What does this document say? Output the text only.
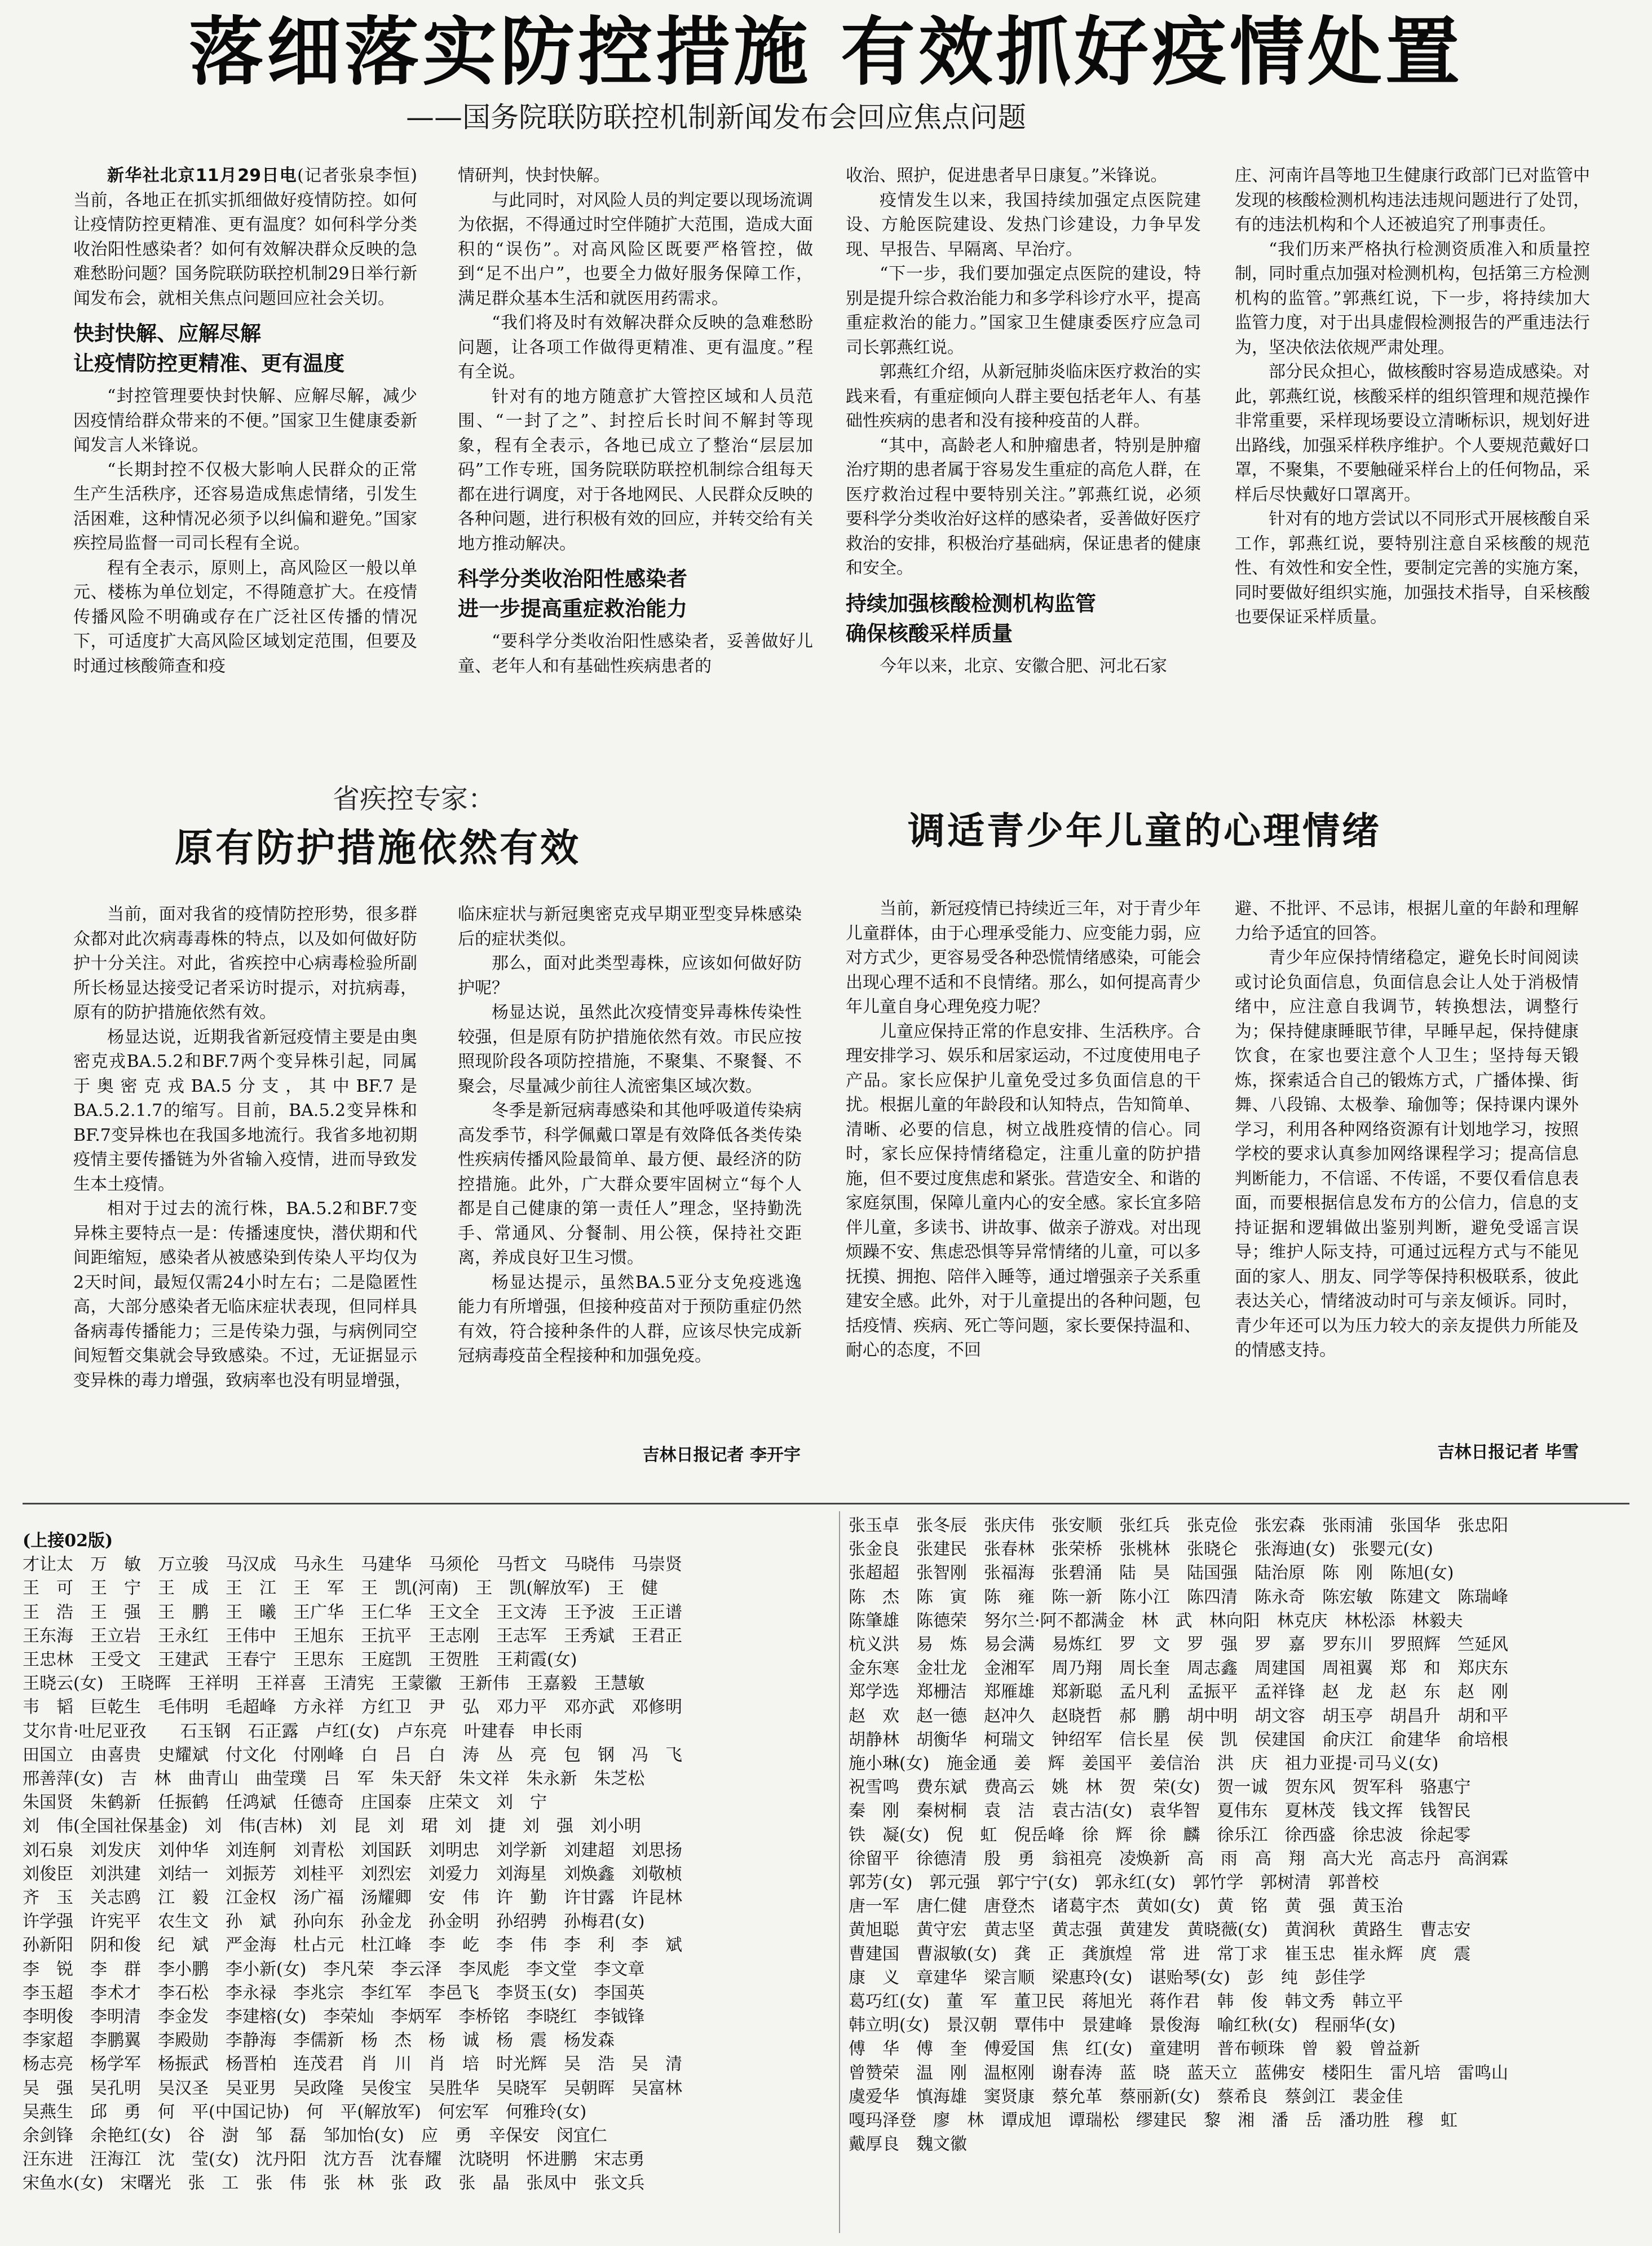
落细落实防控措施 有效抓好疫情处置
——国务院联防联控机制新闻发布会回应焦点问题

新华社北京11月29日电(记者张泉李恒)当前，各地正在抓实抓细做好疫情防控。如何让疫情防控更精准、更有温度？如何科学分类收治阳性感染者？如何有效解决群众反映的急难愁盼问题？国务院联防联控机制29日举行新闻发布会，就相关焦点问题回应社会关切。

快封快解、应解尽解
让疫情防控更精准、更有温度

“封控管理要快封快解、应解尽解，减少因疫情给群众带来的不便。”国家卫生健康委新闻发言人米锋说。

“长期封控不仅极大影响人民群众的正常生产生活秩序，还容易造成焦虑情绪，引发生活困难，这种情况必须予以纠偏和避免。”国家疾控局监督一司司长程有全说。

程有全表示，原则上，高风险区一般以单元、楼栋为单位划定，不得随意扩大。在疫情传播风险不明确或存在广泛社区传播的情况下，可适度扩大高风险区域划定范围，但要及时通过核酸筛查和疫

情研判，快封快解。

与此同时，对风险人员的判定要以现场流调为依据，不得通过时空伴随扩大范围，造成大面积的“误伤”。对高风险区既要严格管控，做到“足不出户”，也要全力做好服务保障工作，满足群众基本生活和就医用药需求。

“我们将及时有效解决群众反映的急难愁盼问题，让各项工作做得更精准、更有温度。”程有全说。

针对有的地方随意扩大管控区域和人员范围、“一封了之”、封控后长时间不解封等现象，程有全表示，各地已成立了整治“层层加码”工作专班，国务院联防联控机制综合组每天都在进行调度，对于各地网民、人民群众反映的各种问题，进行积极有效的回应，并转交给有关地方推动解决。

科学分类收治阳性感染者
进一步提高重症救治能力

“要科学分类收治阳性感染者，妥善做好儿童、老年人和有基础性疾病患者的

收治、照护，促进患者早日康复。”米锋说。

疫情发生以来，我国持续加强定点医院建设、方舱医院建设、发热门诊建设，力争早发现、早报告、早隔离、早治疗。

“下一步，我们要加强定点医院的建设，特别是提升综合救治能力和多学科诊疗水平，提高重症救治的能力。”国家卫生健康委医疗应急司司长郭燕红说。

郭燕红介绍，从新冠肺炎临床医疗救治的实践来看，有重症倾向人群主要包括老年人、有基础性疾病的患者和没有接种疫苗的人群。

“其中，高龄老人和肿瘤患者，特别是肿瘤治疗期的患者属于容易发生重症的高危人群，在医疗救治过程中要特别关注。”郭燕红说，必须要科学分类收治好这样的感染者，妥善做好医疗救治的安排，积极治疗基础病，保证患者的健康和安全。

持续加强核酸检测机构监管
确保核酸采样质量

今年以来，北京、安徽合肥、河北石家

庄、河南许昌等地卫生健康行政部门已对监管中发现的核酸检测机构违法违规问题进行了处罚，有的违法机构和个人还被追究了刑事责任。

“我们历来严格执行检测资质准入和质量控制，同时重点加强对检测机构，包括第三方检测机构的监管。”郭燕红说，下一步，将持续加大监管力度，对于出具虚假检测报告的严重违法行为，坚决依法依规严肃处理。

部分民众担心，做核酸时容易造成感染。对此，郭燕红说，核酸采样的组织管理和规范操作非常重要，采样现场要设立清晰标识，规划好进出路线，加强采样秩序维护。个人要规范戴好口罩，不聚集，不要触碰采样台上的任何物品，采样后尽快戴好口罩离开。

针对有的地方尝试以不同形式开展核酸自采工作，郭燕红说，要特别注意自采核酸的规范性、有效性和安全性，要制定完善的实施方案，同时要做好组织实施，加强技术指导，自采核酸也要保证采样质量。

省疾控专家：
原有防护措施依然有效

当前，面对我省的疫情防控形势，很多群众都对此次病毒毒株的特点，以及如何做好防护十分关注。对此，省疾控中心病毒检验所副所长杨显达接受记者采访时提示，对抗病毒，原有的防护措施依然有效。

杨显达说，近期我省新冠疫情主要是由奥密克戎BA.5.2和BF.7两个变异株引起，同属于奥密克戎BA.5分支，其中BF.7是BA.5.2.1.7的缩写。目前，BA.5.2变异株和BF.7变异株也在我国多地流行。我省多地初期疫情主要传播链为外省输入疫情，进而导致发生本土疫情。

相对于过去的流行株，BA.5.2和BF.7变异株主要特点一是：传播速度快，潜伏期和代间距缩短，感染者从被感染到传染人平均仅为2天时间，最短仅需24小时左右；二是隐匿性高，大部分感染者无临床症状表现，但同样具备病毒传播能力；三是传染力强，与病例同空间短暂交集就会导致感染。不过，无证据显示变异株的毒力增强，致病率也没有明显增强，

临床症状与新冠奥密克戎早期亚型变异株感染后的症状类似。

那么，面对此类型毒株，应该如何做好防护呢？

杨显达说，虽然此次疫情变异毒株传染性较强，但是原有防护措施依然有效。市民应按照现阶段各项防控措施，不聚集、不聚餐、不聚会，尽量减少前往人流密集区域次数。

冬季是新冠病毒感染和其他呼吸道传染病高发季节，科学佩戴口罩是有效降低各类传染性疾病传播风险最简单、最方便、最经济的防控措施。此外，广大群众要牢固树立“每个人都是自己健康的第一责任人”理念，坚持勤洗手、常通风、分餐制、用公筷，保持社交距离，养成良好卫生习惯。

杨显达提示，虽然BA.5亚分支免疫逃逸能力有所增强，但接种疫苗对于预防重症仍然有效，符合接种条件的人群，应该尽快完成新冠病毒疫苗全程接种和加强免疫。

吉林日报记者 李开宇
调适青少年儿童的心理情绪

当前，新冠疫情已持续近三年，对于青少年儿童群体，由于心理承受能力、应变能力弱，应对方式少，更容易受各种恐慌情绪感染，可能会出现心理不适和不良情绪。那么，如何提高青少年儿童自身心理免疫力呢？

儿童应保持正常的作息安排、生活秩序。合理安排学习、娱乐和居家运动，不过度使用电子产品。家长应保护儿童免受过多负面信息的干扰。根据儿童的年龄段和认知特点，告知简单、清晰、必要的信息，树立战胜疫情的信心。同时，家长应保持情绪稳定，注重儿童的防护措施，但不要过度焦虑和紧张。营造安全、和谐的家庭氛围，保障儿童内心的安全感。家长宜多陪伴儿童，多读书、讲故事、做亲子游戏。对出现烦躁不安、焦虑恐惧等异常情绪的儿童，可以多抚摸、拥抱、陪伴入睡等，通过增强亲子关系重建安全感。此外，对于儿童提出的各种问题，包括疫情、疾病、死亡等问题，家长要保持温和、耐心的态度，不回

避、不批评、不忌讳，根据儿童的年龄和理解力给予适宜的回答。

青少年应保持情绪稳定，避免长时间阅读或讨论负面信息，负面信息会让人处于消极情绪中，应注意自我调节，转换想法，调整行为；保持健康睡眠节律，早睡早起，保持健康饮食，在家也要注意个人卫生；坚持每天锻炼，探索适合自己的锻炼方式，广播体操、街舞、八段锦、太极拳、瑜伽等；保持课内课外学习，利用各种网络资源有计划地学习，按照学校的要求认真参加网络课程学习；提高信息判断能力，不信谣、不传谣，不要仅看信息表面，而要根据信息发布方的公信力，信息的支持证据和逻辑做出鉴别判断，避免受谣言误导；维护人际支持，可通过远程方式与不能见面的家人、朋友、同学等保持积极联系，彼此表达关心，情绪波动时可与亲友倾诉。同时，青少年还可以为压力较大的亲友提供力所能及的情感支持。

吉林日报记者 毕雪
(上接02版)
才让太　万　敏　万立骏　马汉成　马永生　马建华　马须伦　马哲文　马晓伟　马崇贤
王　可　王　宁　王　成　王　江　王　军　王　凯(河南)　王　凯(解放军)　王　健
王　浩　王　强　王　鹏　王　曦　王广华　王仁华　王文全　王文涛　王予波　王正谱
王东海　王立岩　王永红　王伟中　王旭东　王抗平　王志刚　王志军　王秀斌　王君正
王忠林　王受文　王建武　王春宁　王思东　王庭凯　王贺胜　王莉霞(女)
王晓云(女)　王晓晖　王祥明　王祥喜　王清宪　王蒙徽　王新伟　王嘉毅　王慧敏
韦　韬　巨乾生　毛伟明　毛超峰　方永祥　方红卫　尹　弘　邓力平　邓亦武　邓修明
艾尔肯·吐尼亚孜　　石玉钢　石正露　卢红(女)　卢东亮　叶建春　申长雨
田国立　由喜贵　史耀斌　付文化　付刚峰　白　吕　白　涛　丛　亮　包　钢　冯　飞
邢善萍(女)　吉　林　曲青山　曲莹璞　吕　军　朱天舒　朱文祥　朱永新　朱芝松
朱国贤　朱鹤新　任振鹤　任鸿斌　任德奇　庄国泰　庄荣文　刘　宁
刘　伟(全国社保基金)　刘　伟(吉林)　刘　昆　刘　珺　刘　捷　刘　强　刘小明
刘石泉　刘发庆　刘仲华　刘连舸　刘青松　刘国跃　刘明忠　刘学新　刘建超　刘思扬
刘俊臣　刘洪建　刘结一　刘振芳　刘桂平　刘烈宏　刘爱力　刘海星　刘焕鑫　刘敬桢
齐　玉　关志鸥　江　毅　江金权　汤广福　汤耀卿　安　伟　许　勤　许甘露　许昆林
许学强　许宪平　农生文　孙　斌　孙向东　孙金龙　孙金明　孙绍骋　孙梅君(女)
孙新阳　阴和俊　纪　斌　严金海　杜占元　杜江峰　李　屹　李　伟　李　利　李　斌
李　锐　李　群　李小鹏　李小新(女)　李凡荣　李云泽　李凤彪　李文堂　李文章
李玉超　李术才　李石松　李永禄　李兆宗　李红军　李邑飞　李贤玉(女)　李国英
李明俊　李明清　李金发　李建榕(女)　李荣灿　李炳军　李桥铭　李晓红　李钺锋
李家超　李鹏翼　李殿勋　李静海　李儒新　杨　杰　杨　诚　杨　震　杨发森
杨志亮　杨学军　杨振武　杨晋柏　连茂君　肖　川　肖　培　时光辉　吴　浩　吴　清
吴　强　吴孔明　吴汉圣　吴亚男　吴政隆　吴俊宝　吴胜华　吴晓军　吴朝晖　吴富林
吴燕生　邱　勇　何　平(中国记协)　何　平(解放军)　何宏军　何雅玲(女)
余剑锋　余艳红(女)　谷　澍　邹　磊　邹加怡(女)　应　勇　辛保安　闵宜仁
汪东进　汪海江　沈　莹(女)　沈丹阳　沈方吾　沈春耀　沈晓明　怀进鹏　宋志勇
宋鱼水(女)　宋曙光　张　工　张　伟　张　林　张　政　张　晶　张凤中　张文兵
张玉卓　张冬辰　张庆伟　张安顺　张红兵　张克俭　张宏森　张雨浦　张国华　张忠阳
张金良　张建民　张春林　张荣桥　张桃林　张晓仑　张海迪(女)　张婴元(女)
张超超　张智刚　张福海　张碧涌　陆　昊　陆国强　陆治原　陈　刚　陈旭(女)
陈　杰　陈　寅　陈　雍　陈一新　陈小江　陈四清　陈永奇　陈宏敏　陈建文　陈瑞峰
陈肇雄　陈德荣　努尔兰·阿不都满金　林　武　林向阳　林克庆　林松添　林毅夫
杭义洪　易　炼　易会满　易炼红　罗　文　罗　强　罗　嘉　罗东川　罗照辉　竺延风
金东寒　金壮龙　金湘军　周乃翔　周长奎　周志鑫　周建国　周祖翼　郑　和　郑庆东
郑学选　郑栅洁　郑雁雄　郑新聪　孟凡利　孟振平　孟祥锋　赵　龙　赵　东　赵　刚
赵　欢　赵一德　赵冲久　赵晓哲　郝　鹏　胡中明　胡文容　胡玉亭　胡昌升　胡和平
胡静林　胡衡华　柯瑞文　钟绍军　信长星　侯　凯　侯建国　俞庆江　俞建华　俞培根
施小琳(女)　施金通　姜　辉　姜国平　姜信治　洪　庆　祖力亚提·司马义(女)
祝雪鸣　费东斌　费高云　姚　林　贺　荣(女)　贺一诚　贺东风　贺军科　骆惠宁
秦　刚　秦树桐　袁　洁　袁古洁(女)　袁华智　夏伟东　夏林茂　钱文挥　钱智民
铁　凝(女)　倪　虹　倪岳峰　徐　辉　徐　麟　徐乐江　徐西盛　徐忠波　徐起零
徐留平　徐德清　殷　勇　翁祖亮　凌焕新　高　雨　高　翔　高大光　高志丹　高润霖
郭芳(女)　郭元强　郭宁宁(女)　郭永红(女)　郭竹学　郭树清　郭普校
唐一军　唐仁健　唐登杰　诸葛宇杰　黄如(女)　黄　铭　黄　强　黄玉治
黄旭聪　黄守宏　黄志坚　黄志强　黄建发　黄晓薇(女)　黄润秋　黄路生　曹志安
曹建国　曹淑敏(女)　龚　正　龚旗煌　常　进　常丁求　崔玉忠　崔永辉　庹　震
康　义　章建华　梁言顺　梁惠玲(女)　谌贻琴(女)　彭　纯　彭佳学
葛巧红(女)　董　军　董卫民　蒋旭光　蒋作君　韩　俊　韩文秀　韩立平
韩立明(女)　景汉朝　覃伟中　景建峰　景俊海　喻红秋(女)　程丽华(女)
傅　华　傅　奎　傅爱国　焦　红(女)　童建明　普布顿珠　曾　毅　曾益新
曾赞荣　温　刚　温枢刚　谢春涛　蓝　晓　蓝天立　蓝佛安　楼阳生　雷凡培　雷鸣山
虞爱华　慎海雄　窦贤康　蔡允革　蔡丽新(女)　蔡希良　蔡剑江　裴金佳
嘎玛泽登　廖　林　谭成旭　谭瑞松　缪建民　黎　湘　潘　岳　潘功胜　穆　虹
戴厚良　魏文徽
